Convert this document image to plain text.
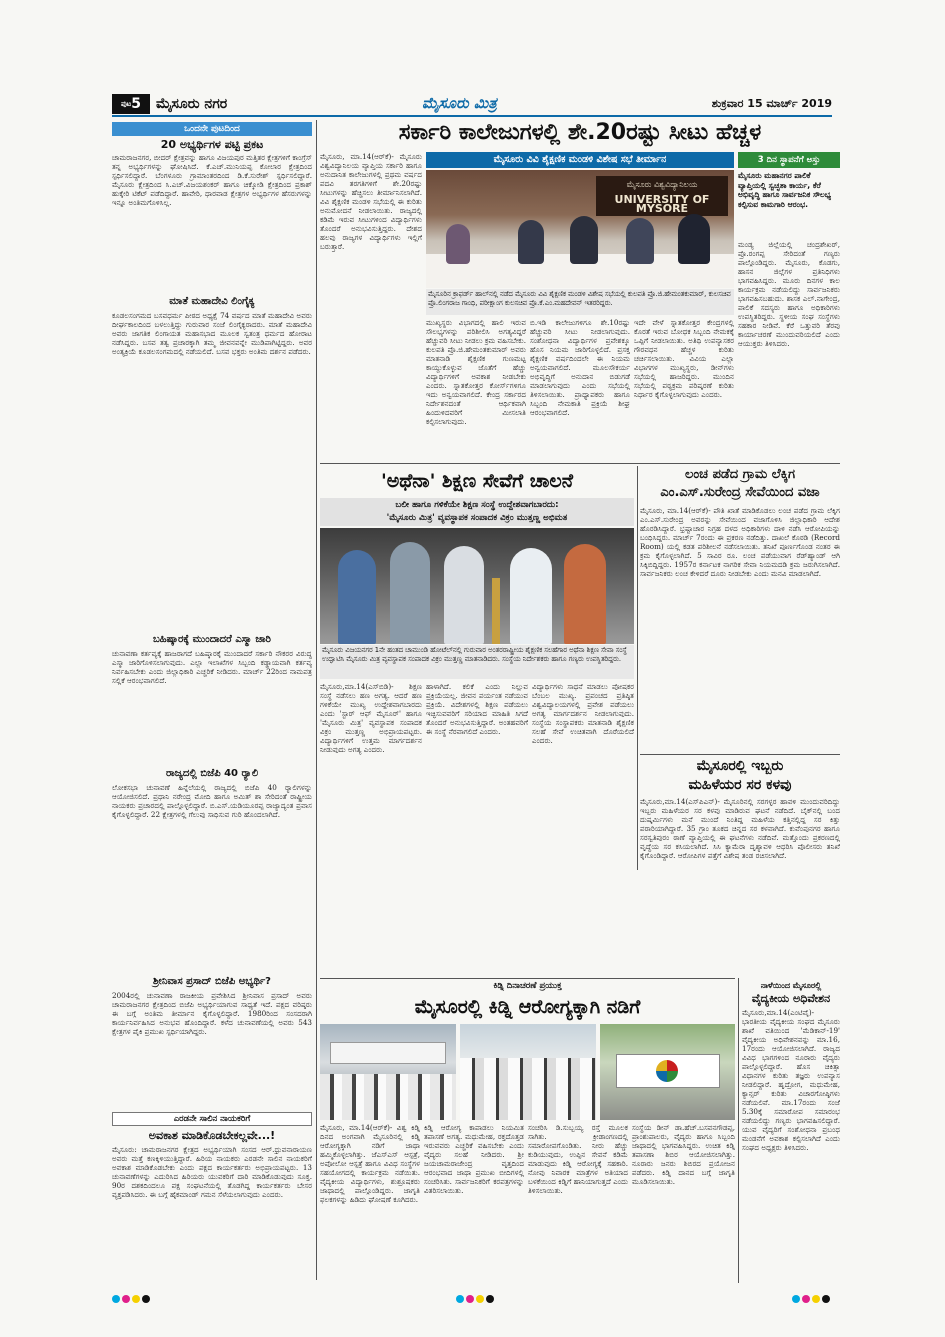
$^{ಪುಟ}$5	ಮೈಸೂರು ನಗರ	ಮೈಸೂರು ಮಿತ್ರ	ಶುಕ್ರವಾರ 15 ಮಾರ್ಚ್ 2019
ಒಂದನೇ ಪುಟದಿಂದ
20 ಅಭ್ಯರ್ಥಿಗಳ ಪಟ್ಟಿ ಪ್ರಕಟ
ಚಾಮರಾಜನಗರ, ಬೀದರ್ ಕ್ಷೇತ್ರವನ್ನು ಹಾಗೂ ವಿಜಯಪುರ ಮತ್ತಿತರ ಕ್ಷೇತ್ರಗಳಿಗೆ ಕಾಂಗ್ರೆಸ್ ತನ್ನ ಅಭ್ಯರ್ಥಿಗಳನ್ನು ಘೋಷಿಸಿದೆ. ಕೆ.ಎಚ್.ಮುನಿಯಪ್ಪ ಕೋಲಾರ ಕ್ಷೇತ್ರದಿಂದ ಸ್ಪರ್ಧಿಸಲಿದ್ದಾರೆ. ಬೆಂಗಳೂರು ಗ್ರಾಮಾಂತರದಿಂದ ಡಿ.ಕೆ.ಸುರೇಶ್ ಸ್ಪರ್ಧಿಸಲಿದ್ದಾರೆ. ಮೈಸೂರು ಕ್ಷೇತ್ರದಿಂದ ಸಿ.ಎಚ್.ವಿಜಯಶಂಕರ್ ಹಾಗೂ ಚಿಕ್ಕೋಡಿ ಕ್ಷೇತ್ರದಿಂದ ಪ್ರಕಾಶ್ ಹುಕ್ಕೇರಿ ಟಿಕೆಟ್ ಪಡೆದಿದ್ದಾರೆ. ಹಾವೇರಿ, ಧಾರವಾಡ ಕ್ಷೇತ್ರಗಳ ಅಭ್ಯರ್ಥಿಗಳ ಹೆಸರುಗಳನ್ನು ಇನ್ನೂ ಅಂತಿಮಗೊಳಿಸಿಲ್ಲ.
ಮಾತೆ ಮಹಾದೇವಿ ಲಿಂಗೈಕ್ಯ
ಕೂಡಲಸಂಗಮದ ಬಸವಧರ್ಮ ಪೀಠದ ಅಧ್ಯಕ್ಷೆ 74 ವರ್ಷದ ಮಾತೆ ಮಹಾದೇವಿ ಅವರು ದೀರ್ಘಕಾಲದಿಂದ ಬಳಲುತ್ತಿದ್ದು ಗುರುವಾರ ಸಂಜೆ ಲಿಂಗೈಕ್ಯರಾದರು. ಮಾತೆ ಮಹಾದೇವಿ ಅವರು ಜಾಗತಿಕ ಲಿಂಗಾಯತ ಮಹಾಸಭಾದ ಮೂಲಕ ಸ್ವತಂತ್ರ ಧರ್ಮದ ಹೋರಾಟ ನಡೆಸಿದ್ದರು. ಬಸವ ತತ್ವ ಪ್ರಚಾರಕ್ಕಾಗಿ ತಮ್ಮ ಜೀವನವನ್ನೇ ಮುಡಿಪಾಗಿಟ್ಟಿದ್ದರು. ಅವರ ಅಂತ್ಯಕ್ರಿಯೆ ಕೂಡಲಸಂಗಮದಲ್ಲಿ ನಡೆಯಲಿದೆ. ಬಸವ ಭಕ್ತರು ಅಂತಿಮ ದರ್ಶನ ಪಡೆದರು.
ಬಹಿಷ್ಕಾರಕ್ಕೆ ಮುಂದಾದರೆ ಎಸ್ಮಾ ಜಾರಿ
ಚುನಾವಣಾ ಕರ್ತವ್ಯಕ್ಕೆ ಹಾಜರಾಗದೆ ಬಹಿಷ್ಕಾರಕ್ಕೆ ಮುಂದಾದರೆ ಸರ್ಕಾರಿ ನೌಕರರ ವಿರುದ್ಧ ಎಸ್ಮಾ ಜಾರಿಗೊಳಿಸಲಾಗುವುದು. ಎಲ್ಲಾ ಇಲಾಖೆಗಳ ಸಿಬ್ಬಂದಿ ಕಡ್ಡಾಯವಾಗಿ ಕರ್ತವ್ಯ ನಿರ್ವಹಿಸಬೇಕು ಎಂದು ಜಿಲ್ಲಾಧಿಕಾರಿ ಎಚ್ಚರಿಕೆ ನೀಡಿದರು. ಮಾರ್ಚ್ 22ರಿಂದ ನಾಮಪತ್ರ ಸಲ್ಲಿಕೆ ಆರಂಭವಾಗಲಿದೆ.
ರಾಜ್ಯದಲ್ಲಿ ಬಿಜೆಪಿ 40 ರ್‍ಯಾಲಿ
ಲೋಕಸಭಾ ಚುನಾವಣೆ ಹಿನ್ನೆಲೆಯಲ್ಲಿ ರಾಜ್ಯದಲ್ಲಿ ಬಿಜೆಪಿ 40 ರ್‍ಯಾಲಿಗಳನ್ನು ಆಯೋಜಿಸಲಿದೆ. ಪ್ರಧಾನಿ ನರೇಂದ್ರ ಮೋದಿ ಹಾಗೂ ಅಮಿತ್ ಶಾ ಸೇರಿದಂತೆ ರಾಷ್ಟ್ರೀಯ ನಾಯಕರು ಪ್ರಚಾರದಲ್ಲಿ ಪಾಲ್ಗೊಳ್ಳಲಿದ್ದಾರೆ. ಬಿ.ಎಸ್.ಯಡಿಯೂರಪ್ಪ ರಾಜ್ಯಾದ್ಯಂತ ಪ್ರವಾಸ ಕೈಗೊಳ್ಳಲಿದ್ದಾರೆ. 22 ಕ್ಷೇತ್ರಗಳಲ್ಲಿ ಗೆಲುವು ಸಾಧಿಸುವ ಗುರಿ ಹೊಂದಲಾಗಿದೆ.
ಶ್ರೀನಿವಾಸ ಪ್ರಸಾದ್ ಬಿಜೆಪಿ ಅಭ್ಯರ್ಥಿ?
2004ರಲ್ಲಿ ಚುನಾವಣಾ ರಾಜಕೀಯ ಪ್ರವೇಶಿಸಿದ ಶ್ರೀನಿವಾಸ ಪ್ರಸಾದ್ ಅವರು ಚಾಮರಾಜನಗರ ಕ್ಷೇತ್ರದಿಂದ ಬಿಜೆಪಿ ಅಭ್ಯರ್ಥಿಯಾಗುವ ಸಾಧ್ಯತೆ ಇದೆ. ಪಕ್ಷದ ವರಿಷ್ಠರು ಈ ಬಗ್ಗೆ ಅಂತಿಮ ತೀರ್ಮಾನ ಕೈಗೊಳ್ಳಲಿದ್ದಾರೆ. 1980ರಿಂದ ಸಂಸದರಾಗಿ ಕಾರ್ಯನಿರ್ವಹಿಸಿದ ಅನುಭವ ಹೊಂದಿದ್ದಾರೆ. ಕಳೆದ ಚುನಾವಣೆಯಲ್ಲಿ ಅವರು 543 ಕ್ಷೇತ್ರಗಳ ಪೈಕಿ ಪ್ರಮುಖ ಸ್ಪರ್ಧಿಯಾಗಿದ್ದರು.
ಎರಡನೇ ಸಾಲಿನ ನಾಯಕರಿಗೆ
ಅವಕಾಶ ಮಾಡಿಕೊಡಬೇಕಲ್ಲವೇ...!
ಮೈಸೂರು: ಚಾಮರಾಜನಗರ ಕ್ಷೇತ್ರದ ಅಭ್ಯರ್ಥಿಯಾಗಿ ಸಂಸದ ಆರ್.ಧ್ರುವನಾರಾಯಣ ಅವರು ಮತ್ತೆ ಕಣಕ್ಕಿಳಿಯುತ್ತಿದ್ದಾರೆ. ಹಿರಿಯ ನಾಯಕರು ಎರಡನೇ ಸಾಲಿನ ನಾಯಕರಿಗೆ ಅವಕಾಶ ಮಾಡಿಕೊಡಬೇಕು ಎಂದು ಪಕ್ಷದ ಕಾರ್ಯಕರ್ತರು ಅಭಿಪ್ರಾಯಪಟ್ಟರು. 13 ಚುನಾವಣೆಗಳನ್ನು ಎದುರಿಸಿದ ಹಿರಿಯರು ಯುವಕರಿಗೆ ದಾರಿ ಮಾಡಿಕೊಡುವುದು ಸೂಕ್ತ. 90ರ ದಶಕದಿಂದಲೂ ಪಕ್ಷ ಸಂಘಟನೆಯಲ್ಲಿ ತೊಡಗಿದ್ದ ಕಾರ್ಯಕರ್ತರು ಬೇಸರ ವ್ಯಕ್ತಪಡಿಸಿದರು. ಈ ಬಗ್ಗೆ ಹೈಕಮಾಂಡ್ ಗಮನ ಸೆಳೆಯಲಾಗುವುದು ಎಂದರು.
ಸರ್ಕಾರಿ ಕಾಲೇಜುಗಳಲ್ಲಿ ಶೇ.20ರಷ್ಟು ಸೀಟು ಹೆಚ್ಚಳ
ಮೈಸೂರು, ಮಾ.14(ಆರ್‌ಕೆ)- ಮೈಸೂರು ವಿಶ್ವವಿದ್ಯಾನಿಲಯ ವ್ಯಾಪ್ತಿಯ ಸರ್ಕಾರಿ ಹಾಗೂ ಅನುದಾನಿತ ಕಾಲೇಜುಗಳಲ್ಲಿ ಪ್ರಥಮ ವರ್ಷದ ಪದವಿ ತರಗತಿಗಳಿಗೆ ಶೇ.20ರಷ್ಟು ಸೀಟುಗಳನ್ನು ಹೆಚ್ಚಿಸಲು ತೀರ್ಮಾನಿಸಲಾಗಿದೆ. ವಿವಿ ಶೈಕ್ಷಣಿಕ ಮಂಡಳಿ ಸಭೆಯಲ್ಲಿ ಈ ಕುರಿತು ಅನುಮೋದನೆ ನೀಡಲಾಯಿತು. ರಾಜ್ಯದಲ್ಲಿ ಕಡಿಮೆ ಇರುವ ಸೀಟುಗಳಿಂದ ವಿದ್ಯಾರ್ಥಿಗಳು ತೊಂದರೆ ಅನುಭವಿಸುತ್ತಿದ್ದರು. ದೇಶದ ಹಲವು ರಾಜ್ಯಗಳ ವಿದ್ಯಾರ್ಥಿಗಳು ಇಲ್ಲಿಗೆ ಬರುತ್ತಾರೆ.
ಮೈಸೂರು ವಿವಿ ಶೈಕ್ಷಣಿಕ ಮಂಡಳಿ ವಿಶೇಷ ಸಭೆ ತೀರ್ಮಾನ
ಮೈಸೂರು ವಿಶ್ವವಿದ್ಯಾನಿಲಯ
UNIVERSITY OF MYSORE
ಮೈಸೂರಿನ ಕ್ರಾಫರ್ಡ್ ಹಾಲ್‌ನಲ್ಲಿ ನಡೆದ ಮೈಸೂರು ವಿವಿ ಶೈಕ್ಷಣಿಕ ಮಂಡಳಿ ವಿಶೇಷ ಸಭೆಯಲ್ಲಿ ಕುಲಪತಿ ಪ್ರೊ.ಜಿ.ಹೇಮಂತಕುಮಾರ್, ಕುಲಸಚಿವ ಪ್ರೊ.ಲಿಂಗರಾಜ ಗಾಂಧಿ, ಪರೀಕ್ಷಾಂಗ ಕುಲಸಚಿವ ಪ್ರೊ.ಕೆ.ಎಂ.ಮಹದೇವನ್ ಇತರರಿದ್ದರು.
ಮುಖ್ಯಸ್ಥರು ವಿಭಾಗದಲ್ಲಿ ಹಾಲಿ ಇರುವ ಸೌಲಭ್ಯಗಳನ್ನು ಪರಿಶೀಲಿಸಿ ಅಗತ್ಯವಿದ್ದರೆ ಹೆಚ್ಚುವರಿ ಸೀಟು ನೀಡಲು ಕ್ರಮ ವಹಿಸಬೇಕು. ಕುಲಪತಿ ಪ್ರೊ.ಜಿ.ಹೇಮಂತಕುಮಾರ್ ಅವರು ಮಾತನಾಡಿ ಶೈಕ್ಷಣಿಕ ಗುಣಮಟ್ಟ ಕಾಯ್ದುಕೊಳ್ಳುವ ಜೊತೆಗೆ ಹೆಚ್ಚು ವಿದ್ಯಾರ್ಥಿಗಳಿಗೆ ಅವಕಾಶ ನೀಡಬೇಕು ಎಂದರು. ಸ್ನಾತಕೋತ್ತರ ಕೋರ್ಸ್‌ಗಳಿಗೂ ಇದು ಅನ್ವಯವಾಗಲಿದೆ. ಕೇಂದ್ರ ಸರ್ಕಾರದ ನಿರ್ದೇಶನದಂತೆ ಆರ್ಥಿಕವಾಗಿ ಹಿಂದುಳಿದವರಿಗೆ ಮೀಸಲಾತಿ ಕಲ್ಪಿಸಲಾಗುವುದು.
ಬಿ.ಇಡಿ ಕಾಲೇಜುಗಳಿಗೂ ಶೇ.10ರಷ್ಟು ಹೆಚ್ಚುವರಿ ಸೀಟು ನೀಡಲಾಗುವುದು. ಸಂಶೋಧನಾ ವಿದ್ಯಾರ್ಥಿಗಳ ಪ್ರವೇಶಕ್ಕೂ ಹೊಸ ನಿಯಮ ಜಾರಿಗೊಳ್ಳಲಿದೆ. ಪ್ರಸಕ್ತ ಶೈಕ್ಷಣಿಕ ವರ್ಷದಿಂದಲೇ ಈ ನಿಯಮ ಅನ್ವಯವಾಗಲಿದೆ. ಮೂಲಸೌಕರ್ಯ ಅಭಿವೃದ್ಧಿಗೆ ಅನುದಾನ ಬಿಡುಗಡೆ ಮಾಡಲಾಗುವುದು ಎಂದು ಸಭೆಯಲ್ಲಿ ತಿಳಿಸಲಾಯಿತು. ಪ್ರಾಧ್ಯಾಪಕರು ಹಾಗೂ ಸಿಬ್ಬಂದಿ ನೇಮಕಾತಿ ಪ್ರಕ್ರಿಯೆ ಶೀಘ್ರ ಆರಂಭವಾಗಲಿದೆ.
ಇದೇ ವೇಳೆ ಸ್ನಾತಕೋತ್ತರ ಕೇಂದ್ರಗಳಲ್ಲಿ ಕೊರತೆ ಇರುವ ಬೋಧಕ ಸಿಬ್ಬಂದಿ ನೇಮಕಕ್ಕೆ ಒಪ್ಪಿಗೆ ನೀಡಲಾಯಿತು. ಅತಿಥಿ ಉಪನ್ಯಾಸಕರ ಗೌರವಧನ ಹೆಚ್ಚಳ ಕುರಿತು ಚರ್ಚಿಸಲಾಯಿತು. ವಿವಿಯ ಎಲ್ಲಾ ವಿಭಾಗಗಳ ಮುಖ್ಯಸ್ಥರು, ಡೀನ್‌ಗಳು ಸಭೆಯಲ್ಲಿ ಹಾಜರಿದ್ದರು. ಮುಂದಿನ ಸಭೆಯಲ್ಲಿ ಪಠ್ಯಕ್ರಮ ಪರಿಷ್ಕರಣೆ ಕುರಿತು ನಿರ್ಧಾರ ಕೈಗೊಳ್ಳಲಾಗುವುದು ಎಂದರು.
3 ದಿನ ಸ್ಥಾಪನೆಗೆ ಅಸ್ತು
ಮೈಸೂರು ಮಹಾನಗರ ಪಾಲಿಕೆ ವ್ಯಾಪ್ತಿಯಲ್ಲಿ ಸ್ವಚ್ಛತಾ ಕಾರ್ಯ, ಕೆರೆ ಅಭಿವೃದ್ಧಿ ಹಾಗೂ ಸಾರ್ವಜನಿಕ ಸೌಲಭ್ಯ ಕಲ್ಪಿಸುವ ಕಾಮಗಾರಿ ಆರಂಭ.
ಮಂಡ್ಯ ಜಿಲ್ಲೆಯಲ್ಲಿ ಚಂದ್ರಶೇಖರ್, ಪ್ರೊ.ರಂಗಪ್ಪ ಸೇರಿದಂತೆ ಗಣ್ಯರು ಪಾಲ್ಗೊಂಡಿದ್ದರು. ಮೈಸೂರು, ಕೊಡಗು, ಹಾಸನ ಜಿಲ್ಲೆಗಳ ಪ್ರತಿನಿಧಿಗಳು ಭಾಗವಹಿಸಿದ್ದರು. ಮೂರು ದಿನಗಳ ಕಾಲ ಕಾರ್ಯಕ್ರಮ ನಡೆಯಲಿದ್ದು ಸಾರ್ವಜನಿಕರು ಭಾಗವಹಿಸಬಹುದು. ಶಾಸಕ ಎಲ್.ನಾಗೇಂದ್ರ, ಪಾಲಿಕೆ ಸದಸ್ಯರು ಹಾಗೂ ಅಧಿಕಾರಿಗಳು ಉಪಸ್ಥಿತರಿದ್ದರು. ಸ್ಥಳೀಯ ಸಂಘ ಸಂಸ್ಥೆಗಳು ಸಹಕಾರ ನೀಡಿವೆ. ಕೆರೆ ಒತ್ತುವರಿ ತೆರವು ಕಾರ್ಯಾಚರಣೆ ಮುಂದುವರಿಯಲಿದೆ ಎಂದು ಆಯುಕ್ತರು ತಿಳಿಸಿದರು.
'ಅಥೆನಾ' ಶಿಕ್ಷಣ ಸೇವೆಗೆ ಚಾಲನೆ
ಬಲೀ ಹಾಗೂ ಗಳಿಕೆಯೇ ಶಿಕ್ಷಣ ಸಂಸ್ಥೆ ಉದ್ದೇಶವಾಗಬಾರದು:
'ಮೈಸೂರು ಮಿತ್ರ' ವ್ಯವಸ್ಥಾಪಕ ಸಂಪಾದಕ ವಿಕ್ರಂ ಮುತ್ತಣ್ಣ ಅಭಿಮತ
ಮೈಸೂರು ವಿಜಯನಗರ 1ನೇ ಹಂತದ ಚಾಮುಂಡಿ ಹೋಟೆಲ್‌ನಲ್ಲಿ ಗುರುವಾರ ಅಂತರರಾಷ್ಟ್ರೀಯ ಶೈಕ್ಷಣಿಕ ಸಲಹೆಗಾರ ಅಥೆನಾ ಶಿಕ್ಷಣ ಸೇವಾ ಸಂಸ್ಥೆ ಉದ್ಘಾಟಿಸಿ ಮೈಸೂರು ಮಿತ್ರ ವ್ಯವಸ್ಥಾಪಕ ಸಂಪಾದಕ ವಿಕ್ರಂ ಮುತ್ತಣ್ಣ ಮಾತನಾಡಿದರು. ಸಂಸ್ಥೆಯ ನಿರ್ದೇಶಕರು ಹಾಗೂ ಗಣ್ಯರು ಉಪಸ್ಥಿತರಿದ್ದರು.
ಮೈಸೂರು,ಮಾ.14(ಎಸ್‌ಬಿಡಿ)- ಶಿಕ್ಷಣ ಸಂಸ್ಥೆ ನಡೆಸಲು ಹಣ ಅಗತ್ಯ. ಆದರೆ ಹಣ ಗಳಿಕೆಯೇ ಮುಖ್ಯ ಉದ್ದೇಶವಾಗಬಾರದು ಎಂದು 'ಸ್ಟಾರ್ ಆಫ್ ಮೈಸೂರ್' ಹಾಗೂ 'ಮೈಸೂರು ಮಿತ್ರ' ವ್ಯವಸ್ಥಾಪಕ ಸಂಪಾದಕ ವಿಕ್ರಂ ಮುತ್ತಣ್ಣ ಅಭಿಪ್ರಾಯಪಟ್ಟರು. ವಿದ್ಯಾರ್ಥಿಗಳಿಗೆ ಉತ್ತಮ ಮಾರ್ಗದರ್ಶನ ನೀಡುವುದು ಅಗತ್ಯ ಎಂದರು.
ಹಾಳಾಗಿದೆ. ಕಲಿಕೆ ಎಂದು ನಿಲ್ಲುವ ಪ್ರಕ್ರಿಯೆಯಲ್ಲ. ಜೀವನ ಪರ್ಯಂತ ನಡೆಯುವ ಪ್ರಕ್ರಿಯೆ. ವಿದೇಶಗಳಲ್ಲಿ ಶಿಕ್ಷಣ ಪಡೆಯಲು ಇಚ್ಛಿಸುವವರಿಗೆ ಸರಿಯಾದ ಮಾಹಿತಿ ಸಿಗದೆ ತೊಂದರೆ ಅನುಭವಿಸುತ್ತಿದ್ದಾರೆ. ಅಂತಹವರಿಗೆ ಈ ಸಂಸ್ಥೆ ನೆರವಾಗಲಿದೆ ಎಂದರು.
ವಿದ್ಯಾರ್ಥಿಗಳು ಸಾಧನೆ ಮಾಡಲು ಪೋಷಕರ ಬೆಂಬಲ ಮುಖ್ಯ. ಪ್ರಪಂಚದ ಪ್ರತಿಷ್ಠಿತ ವಿಶ್ವವಿದ್ಯಾಲಯಗಳಲ್ಲಿ ಪ್ರವೇಶ ಪಡೆಯಲು ಅಗತ್ಯ ಮಾರ್ಗದರ್ಶನ ನೀಡಲಾಗುವುದು. ಸಂಸ್ಥೆಯ ಸಂಸ್ಥಾಪಕರು ಮಾತನಾಡಿ ಶೈಕ್ಷಣಿಕ ಸಲಹೆ ಸೇವೆ ಉಚಿತವಾಗಿ ದೊರೆಯಲಿದೆ ಎಂದರು.
ಲಂಚ ಪಡೆದ ಗ್ರಾಮ ಲೆಕ್ಕಿಗ
ಎಂ.ಎಸ್.ಸುರೇಂದ್ರ ಸೇವೆಯಿಂದ ವಜಾ
ಮೈಸೂರು, ಮಾ.14(ಆರ್‌ಕೆ)- ಪೌತಿ ಖಾತೆ ಮಾಡಿಕೊಡಲು ಲಂಚ ಪಡೆದ ಗ್ರಾಮ ಲೆಕ್ಕಿಗ ಎಂ.ಎಸ್.ಸುರೇಂದ್ರ ಅವರನ್ನು ಸೇವೆಯಿಂದ ವಜಾಗೊಳಿಸಿ ಜಿಲ್ಲಾಧಿಕಾರಿ ಆದೇಶ ಹೊರಡಿಸಿದ್ದಾರೆ. ಭ್ರಷ್ಟಾಚಾರ ನಿಗ್ರಹ ದಳದ ಅಧಿಕಾರಿಗಳು ದಾಳಿ ನಡೆಸಿ ಆರೋಪಿಯನ್ನು ಬಂಧಿಸಿದ್ದರು. ಮಾರ್ಚ್ 7ರಂದು ಈ ಪ್ರಕರಣ ನಡೆದಿತ್ತು. ದಾಖಲೆ ಕೊಠಡಿ (Record Room) ಯಲ್ಲಿ ಕಡತ ಪರಿಶೀಲನೆ ನಡೆಸಲಾಯಿತು. ತನಿಖೆ ಪೂರ್ಣಗೊಂಡ ನಂತರ ಈ ಕ್ರಮ ಕೈಗೊಳ್ಳಲಾಗಿದೆ. 5 ಸಾವಿರ ರೂ. ಲಂಚ ಪಡೆಯುವಾಗ ರೆಡ್‌ಹ್ಯಾಂಡ್ ಆಗಿ ಸಿಕ್ಕಿಬಿದ್ದಿದ್ದರು. 1957ರ ಕರ್ನಾಟಕ ನಾಗರಿಕ ಸೇವಾ ನಿಯಮದಡಿ ಕ್ರಮ ಜರುಗಿಸಲಾಗಿದೆ. ಸಾರ್ವಜನಿಕರು ಲಂಚ ಕೇಳಿದರೆ ದೂರು ನೀಡಬೇಕು ಎಂದು ಮನವಿ ಮಾಡಲಾಗಿದೆ.
ಮೈಸೂರಲ್ಲಿ ಇಬ್ಬರು
ಮಹಿಳೆಯರ ಸರ ಕಳವು
ಮೈಸೂರು,ಮಾ.14(ಎಸ್‌ಪಿಎನ್)- ಮೈಸೂರಿನಲ್ಲಿ ಸರಗಳ್ಳರ ಹಾವಳಿ ಮುಂದುವರಿದಿದ್ದು ಇಬ್ಬರು ಮಹಿಳೆಯರ ಸರ ಕಳವು ಮಾಡಿರುವ ಘಟನೆ ನಡೆದಿದೆ. ಬೈಕ್‌ನಲ್ಲಿ ಬಂದ ದುಷ್ಕರ್ಮಿಗಳು ಮನೆ ಮುಂದೆ ನಿಂತಿದ್ದ ಮಹಿಳೆಯ ಕತ್ತಿನಲ್ಲಿದ್ದ ಸರ ಕಿತ್ತು ಪರಾರಿಯಾಗಿದ್ದಾರೆ. 35 ಗ್ರಾಂ ತೂಕದ ಚಿನ್ನದ ಸರ ಕಳವಾಗಿದೆ. ಕುವೆಂಪುನಗರ ಹಾಗೂ ಸರಸ್ವತಿಪುರಂ ಠಾಣೆ ವ್ಯಾಪ್ತಿಯಲ್ಲಿ ಈ ಘಟನೆಗಳು ನಡೆದಿವೆ. ಮತ್ತೊಂದು ಪ್ರಕರಣದಲ್ಲಿ ವೃದ್ಧೆಯ ಸರ ಕಸಿಯಲಾಗಿದೆ. ಸಿಸಿ ಕ್ಯಾಮೆರಾ ದೃಶ್ಯಾವಳಿ ಆಧರಿಸಿ ಪೊಲೀಸರು ತನಿಖೆ ಕೈಗೊಂಡಿದ್ದಾರೆ. ಆರೋಪಿಗಳ ಪತ್ತೆಗೆ ವಿಶೇಷ ತಂಡ ರಚಿಸಲಾಗಿದೆ.
ಕಿಡ್ನಿ ದಿನಾಚರಣೆ ಪ್ರಯುಕ್ತ
ಮೈಸೂರಲ್ಲಿ ಕಿಡ್ನಿ ಆರೋಗ್ಯಕ್ಕಾಗಿ ನಡಿಗೆ
ಮೈಸೂರು, ಮಾ.14(ಆರ್‌ಕೆ)- ವಿಶ್ವ ಕಿಡ್ನಿ ದಿನದ ಅಂಗವಾಗಿ ಮೈಸೂರಿನಲ್ಲಿ ಕಿಡ್ನಿ ಆರೋಗ್ಯಕ್ಕಾಗಿ ನಡಿಗೆ ಜಾಥಾ ಹಮ್ಮಿಕೊಳ್ಳಲಾಗಿತ್ತು. ಜೆಎಸ್‌ಎಸ್ ಆಸ್ಪತ್ರೆ, ಅಪೋಲೋ ಆಸ್ಪತ್ರೆ ಹಾಗೂ ವಿವಿಧ ಸಂಸ್ಥೆಗಳ ಸಹಯೋಗದಲ್ಲಿ ಕಾರ್ಯಕ್ರಮ ನಡೆಯಿತು. ವೈದ್ಯಕೀಯ ವಿದ್ಯಾರ್ಥಿಗಳು, ಶುಶ್ರೂಷಕರು ಜಾಥಾದಲ್ಲಿ ಪಾಲ್ಗೊಂಡಿದ್ದರು. ಜಾಗೃತಿ ಫಲಕಗಳನ್ನು ಹಿಡಿದು ಘೋಷಣೆ ಕೂಗಿದರು.
ಕಿಡ್ನಿ ಆರೋಗ್ಯ ಕಾಪಾಡಲು ನಿಯಮಿತ ತಪಾಸಣೆ ಅಗತ್ಯ. ಮಧುಮೇಹ, ರಕ್ತದೊತ್ತಡ ಇರುವವರು ಎಚ್ಚರಿಕೆ ವಹಿಸಬೇಕು ಎಂದು ವೈದ್ಯರು ಸಲಹೆ ನೀಡಿದರು. ಶ್ರೀ ಜಯಚಾಮರಾಜೇಂದ್ರ ವೃತ್ತದಿಂದ ಆರಂಭವಾದ ಜಾಥಾ ಪ್ರಮುಖ ಬೀದಿಗಳಲ್ಲಿ ಸಂಚರಿಸಿತು. ಸಾರ್ವಜನಿಕರಿಗೆ ಕರಪತ್ರಗಳನ್ನು ವಿತರಿಸಲಾಯಿತು.
ಸಂಚರಿಸಿ ಡಿ.ಸುಬ್ಬಯ್ಯ ರಸ್ತೆ ಮೂಲಕ ಸಾಗಿತು. ಕ್ರೀಡಾಂಗಣದಲ್ಲಿ ಸಮಾರೋಪಗೊಂಡಿತು. ನೀರು ಹೆಚ್ಚು ಕುಡಿಯುವುದು, ಉಪ್ಪಿನ ಸೇವನೆ ಕಡಿಮೆ ಮಾಡುವುದು ಕಿಡ್ನಿ ಆರೋಗ್ಯಕ್ಕೆ ಸಹಕಾರಿ. ನೋವು ನಿವಾರಕ ಮಾತ್ರೆಗಳ ಅತಿಯಾದ ಬಳಕೆಯಿಂದ ಕಿಡ್ನಿಗೆ ಹಾನಿಯಾಗುತ್ತದೆ ಎಂದು ತಿಳಿಸಲಾಯಿತು.
ಸಂಸ್ಥೆಯ ಡೀನ್ ಡಾ.ಹೆಚ್.ಬಸವನಗೌಡಪ್ಪ, ಪ್ರಾಂಶುಪಾಲರು, ವೈದ್ಯರು ಹಾಗೂ ಸಿಬ್ಬಂದಿ ಜಾಥಾದಲ್ಲಿ ಭಾಗವಹಿಸಿದ್ದರು. ಉಚಿತ ಕಿಡ್ನಿ ತಪಾಸಣಾ ಶಿಬಿರ ಆಯೋಜಿಸಲಾಗಿತ್ತು. ನೂರಾರು ಜನರು ಶಿಬಿರದ ಪ್ರಯೋಜನ ಪಡೆದರು. ಕಿಡ್ನಿ ದಾನದ ಬಗ್ಗೆ ಜಾಗೃತಿ ಮೂಡಿಸಲಾಯಿತು.
ನಾಳೆಯಿಂದ ಮೈಸೂರಲ್ಲಿ
ವೈದ್ಯಕೀಯ ಅಧಿವೇಶನ
ಮೈಸೂರು,ಮಾ.14(ಎಂಟಿವೈ)- ಭಾರತೀಯ ವೈದ್ಯಕೀಯ ಸಂಘದ ಮೈಸೂರು ಶಾಖೆ ವತಿಯಿಂದ 'ಮೆಡಿಕಾನ್-19' ವೈದ್ಯಕೀಯ ಅಧಿವೇಶನವನ್ನು ಮಾ.16, 17ರಂದು ಆಯೋಜಿಸಲಾಗಿದೆ. ರಾಜ್ಯದ ವಿವಿಧ ಭಾಗಗಳಿಂದ ನೂರಾರು ವೈದ್ಯರು ಪಾಲ್ಗೊಳ್ಳಲಿದ್ದಾರೆ. ಹೊಸ ಚಿಕಿತ್ಸಾ ವಿಧಾನಗಳ ಕುರಿತು ತಜ್ಞರು ಉಪನ್ಯಾಸ ನೀಡಲಿದ್ದಾರೆ. ಹೃದ್ರೋಗ, ಮಧುಮೇಹ, ಕ್ಯಾನ್ಸರ್ ಕುರಿತು ವಿಚಾರಗೋಷ್ಠಿಗಳು ನಡೆಯಲಿವೆ. ಮಾ.17ರಂದು ಸಂಜೆ 5.30ಕ್ಕೆ ಸಮಾರೋಪ ಸಮಾರಂಭ ನಡೆಯಲಿದ್ದು ಗಣ್ಯರು ಭಾಗವಹಿಸಲಿದ್ದಾರೆ. ಯುವ ವೈದ್ಯರಿಗೆ ಸಂಶೋಧನಾ ಪ್ರಬಂಧ ಮಂಡನೆಗೆ ಅವಕಾಶ ಕಲ್ಪಿಸಲಾಗಿದೆ ಎಂದು ಸಂಘದ ಅಧ್ಯಕ್ಷರು ತಿಳಿಸಿದರು.
